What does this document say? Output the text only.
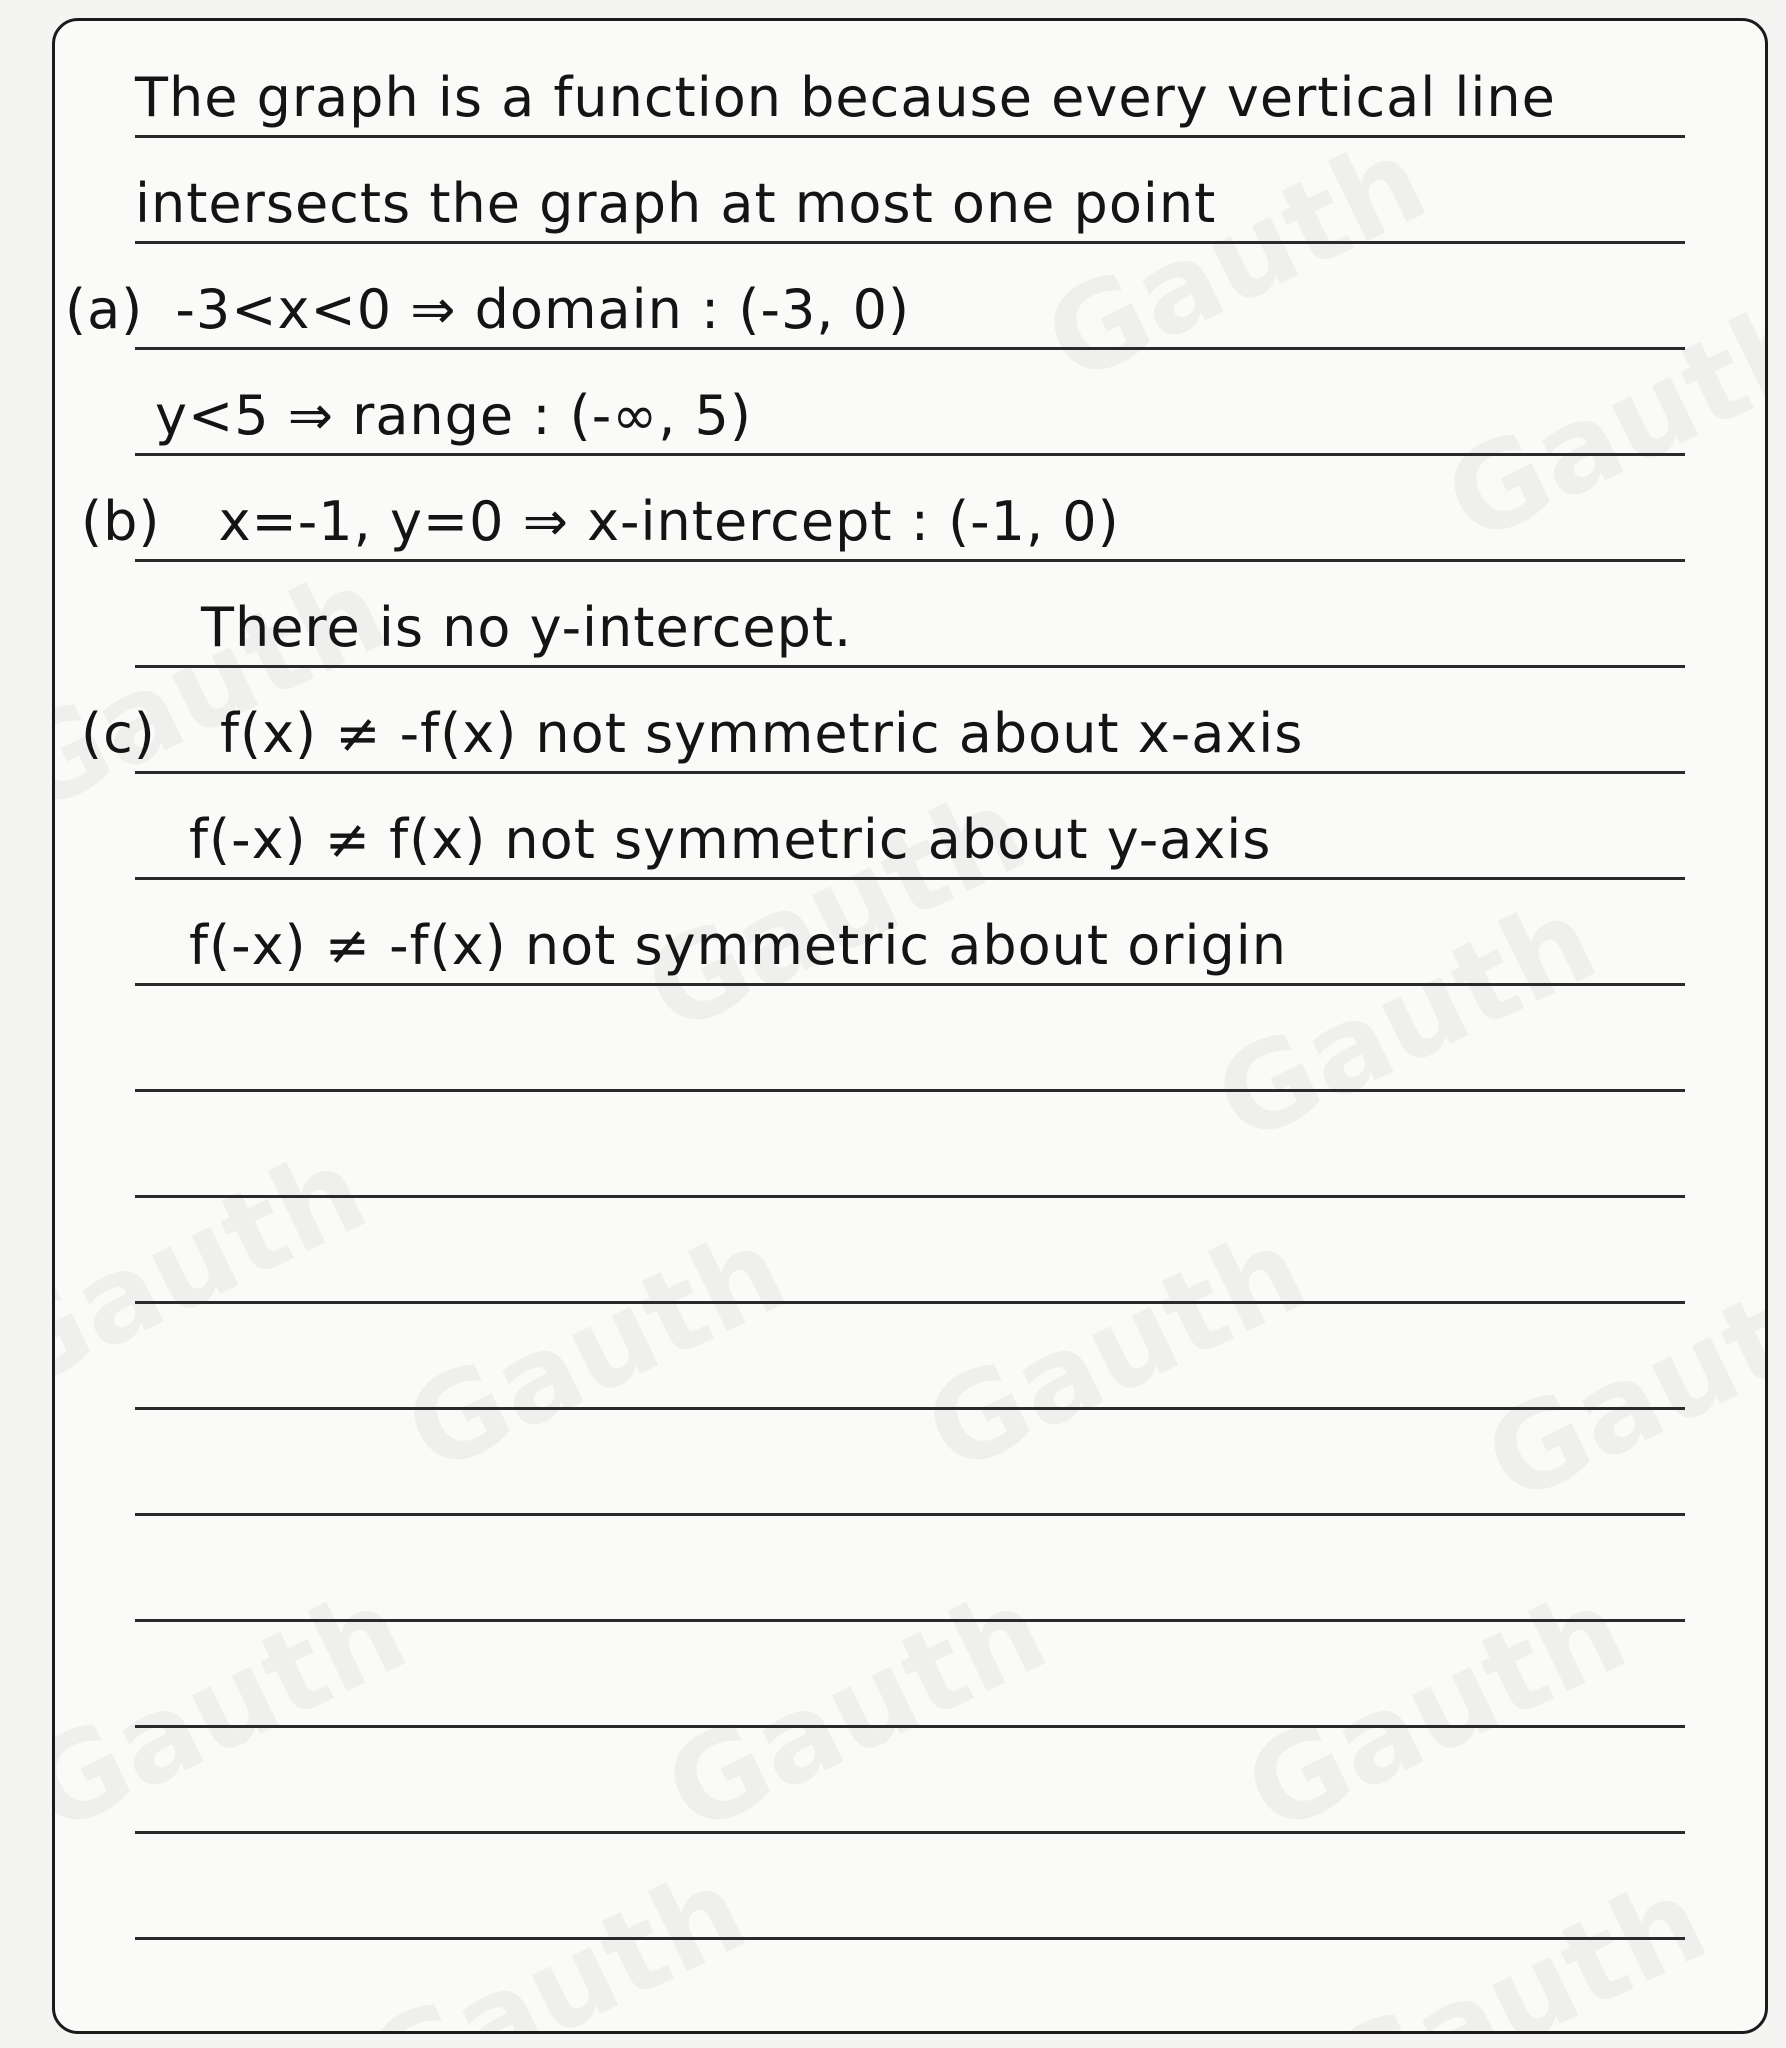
The graph is a function because every vertical line
intersects the graph at most one point
(a) -3<x<0 ⇒ domain : (-3, 0)
y<5 ⇒ range : (-∞, 5)
(b) x=-1, y=0 ⇒ x-intercept : (-1, 0)
There is no y-intercept.
(c) f(x) ≠ -f(x) not symmetric about x-axis
f(-x) ≠ f(x) not symmetric about y-axis
f(-x) ≠ -f(x) not symmetric about origin
